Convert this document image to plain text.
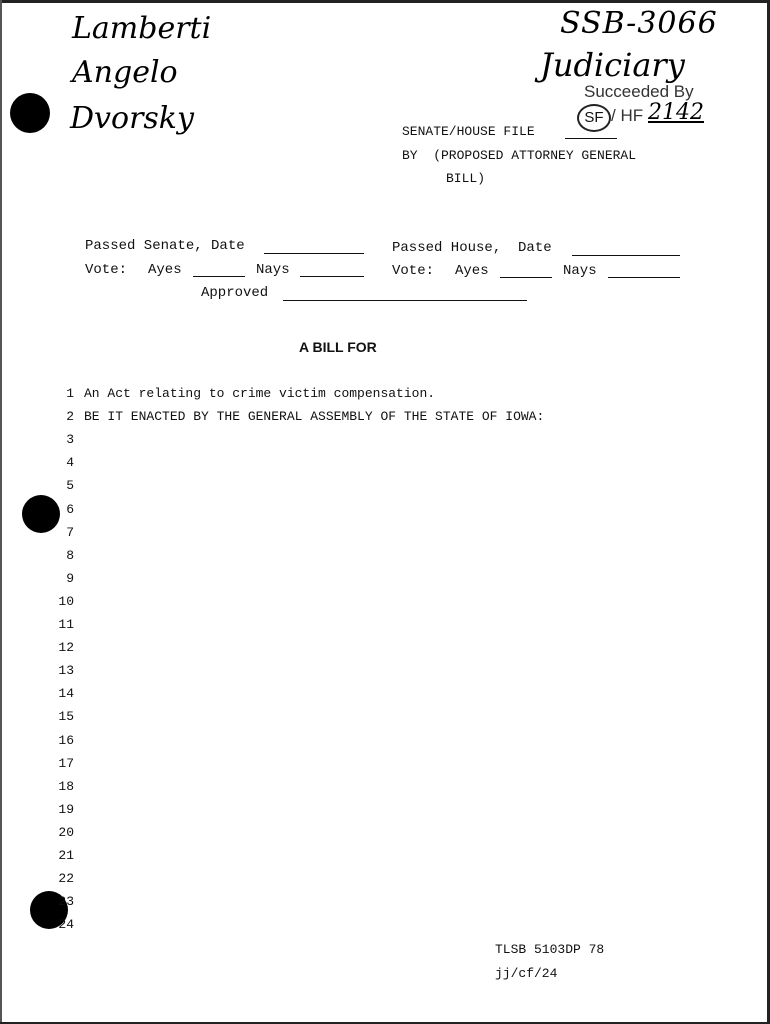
Lamberti
Angelo
Dvorsky
SSB-3066
Judiciary
Succeeded By
SF / HF 2142
SENATE/HOUSE FILE
BY  (PROPOSED ATTORNEY GENERAL
BILL)
Passed Senate, Date	Passed House,  Date
Vote: Ayes	Nays	Vote: Ayes	Nays
Approved
A BILL FOR
1 An Act relating to crime victim compensation.
2 BE IT ENACTED BY THE GENERAL ASSEMBLY OF THE STATE OF IOWA:
3
4
5
6
7
8
9
10
11
12
13
14
15
16
17
18
19
20
21
22
23
24
TLSB 5103DP 78
jj/cf/24
